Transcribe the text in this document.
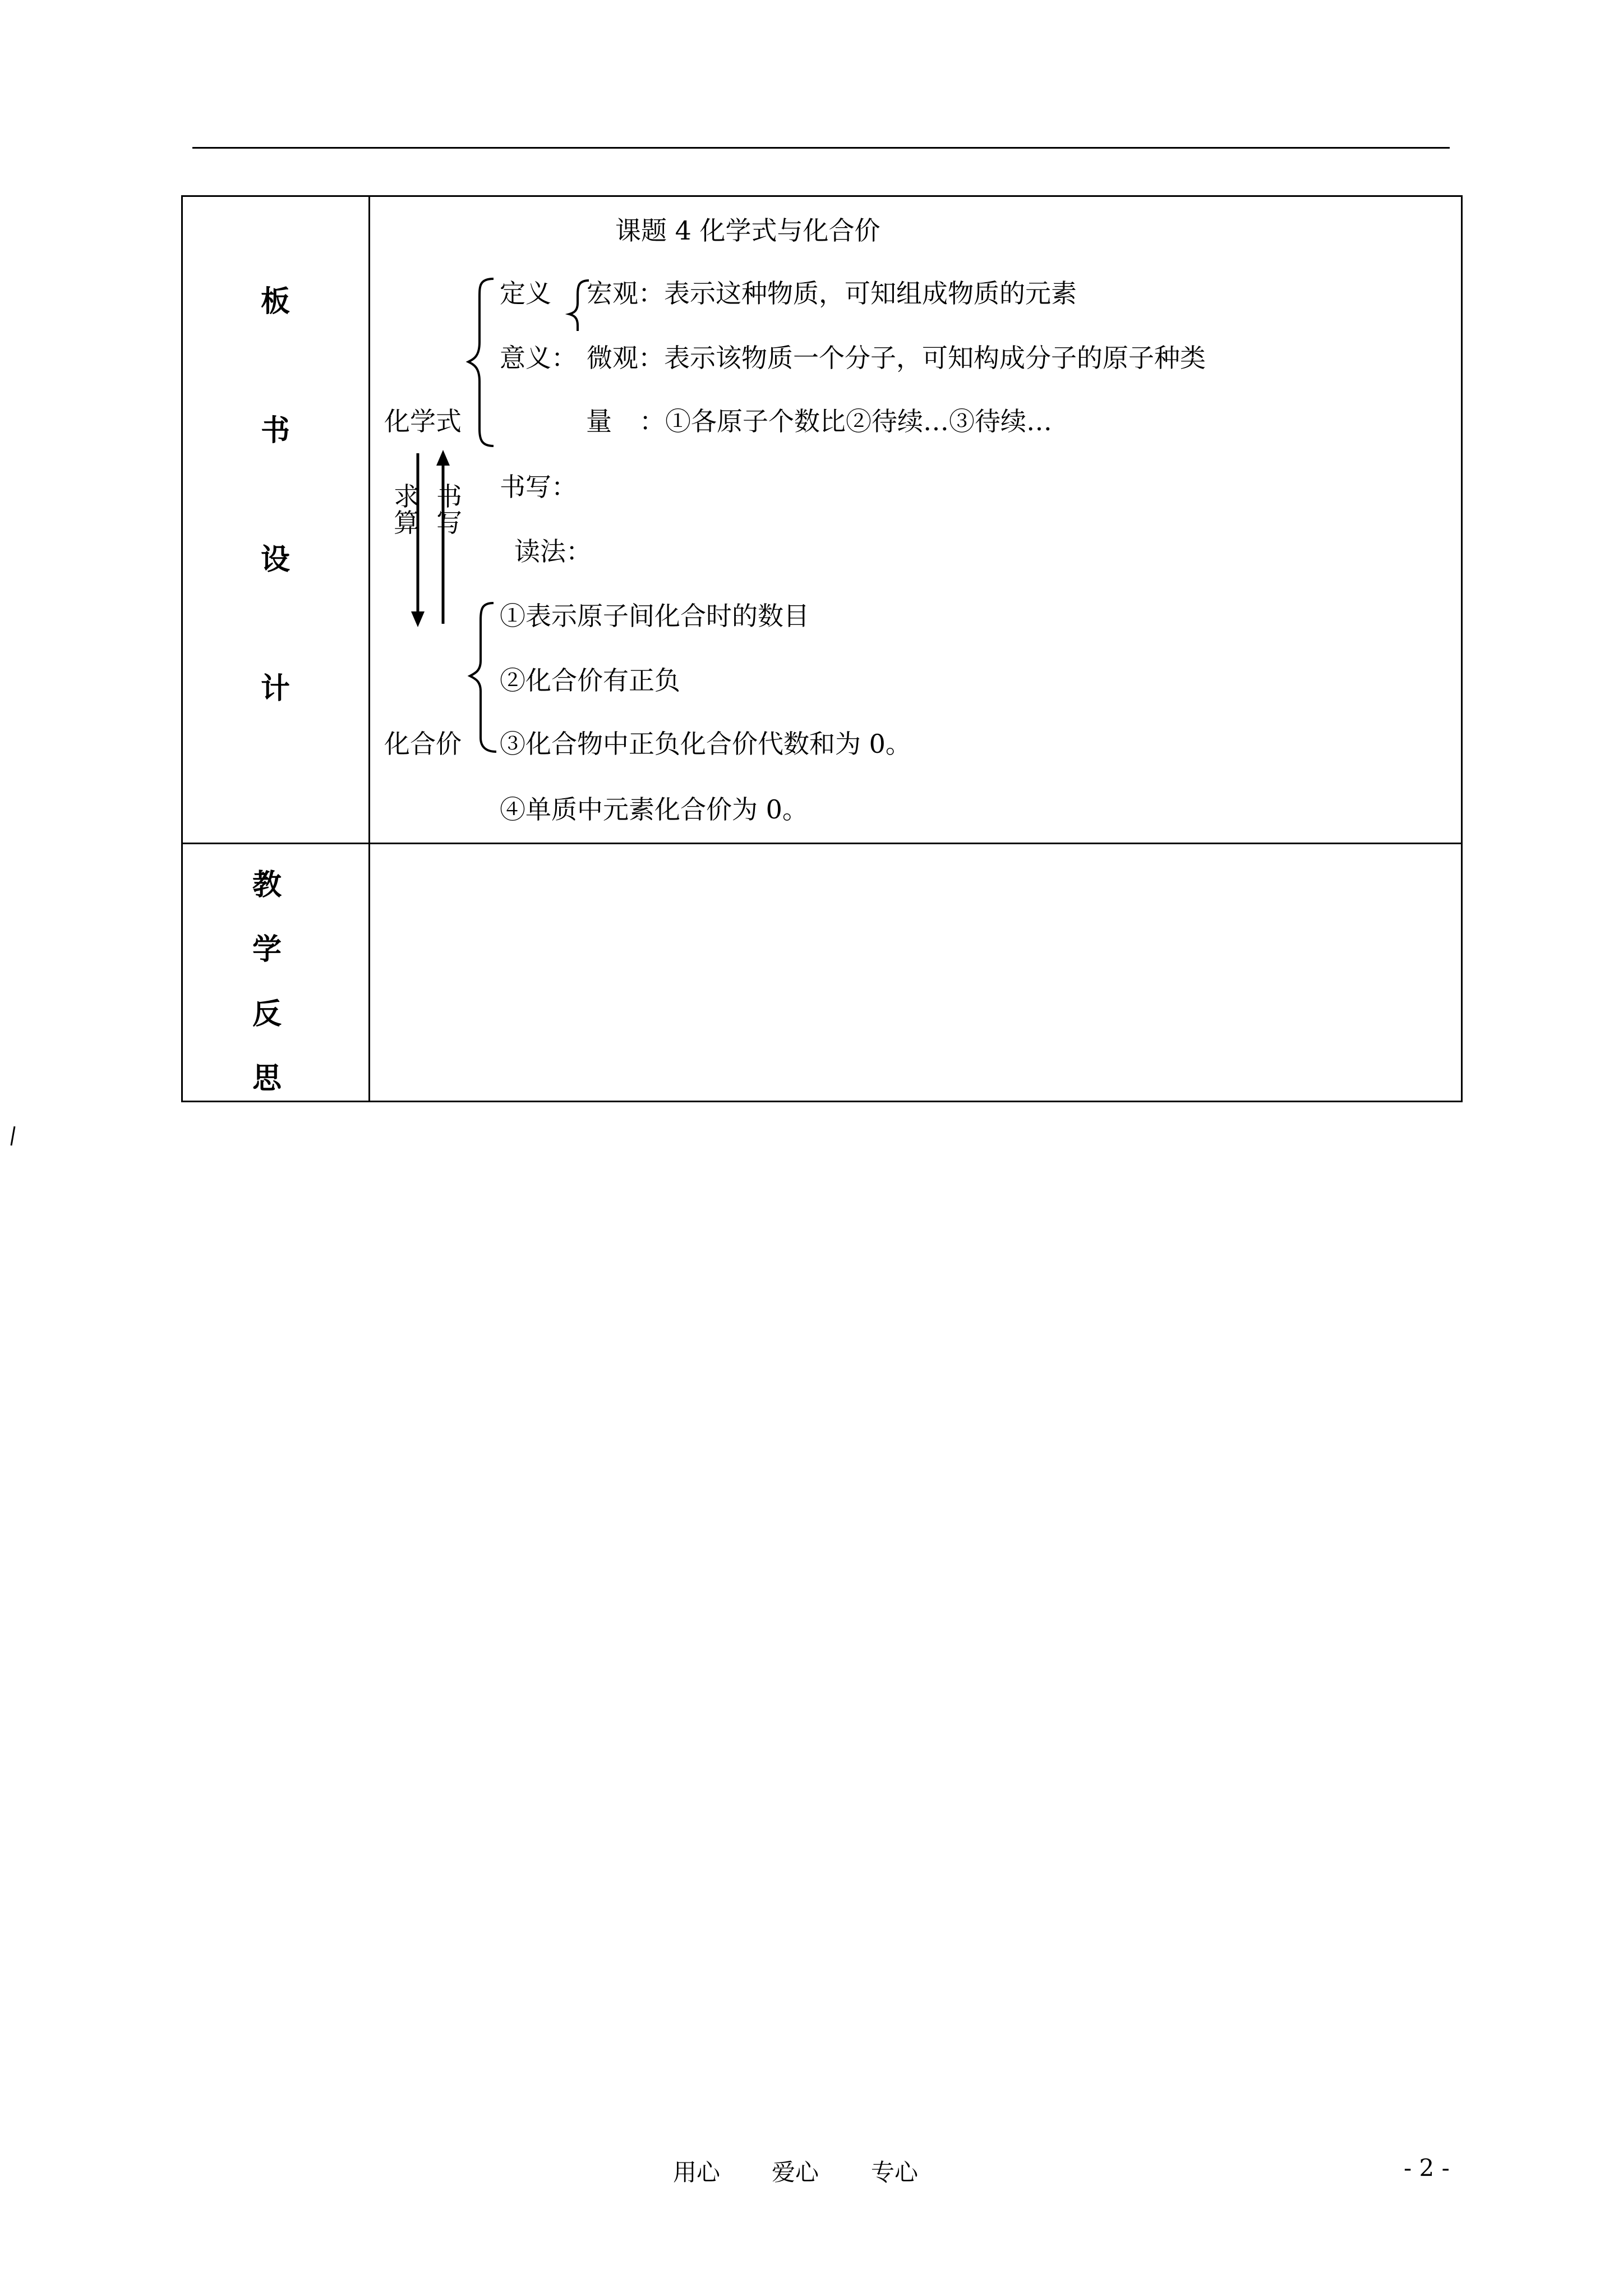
板
书
设
计
教
学
反
思
课题 4 化学式与化合价
定义 宏观：表示这种物质，可知组成物质的元素
意义： 微观：表示该物质一个分子，可知构成分子的原子种类
化学式	量 ：①各原子个数比②待续…③待续…
书写：
读法：
求算
书写
①表示原子间化合时的数目
②化合价有正负
化合价 ③化合物中正负化合价代数和为 0。
④单质中元素化合价为 0。
用心 爱心 专心	- 2 -
